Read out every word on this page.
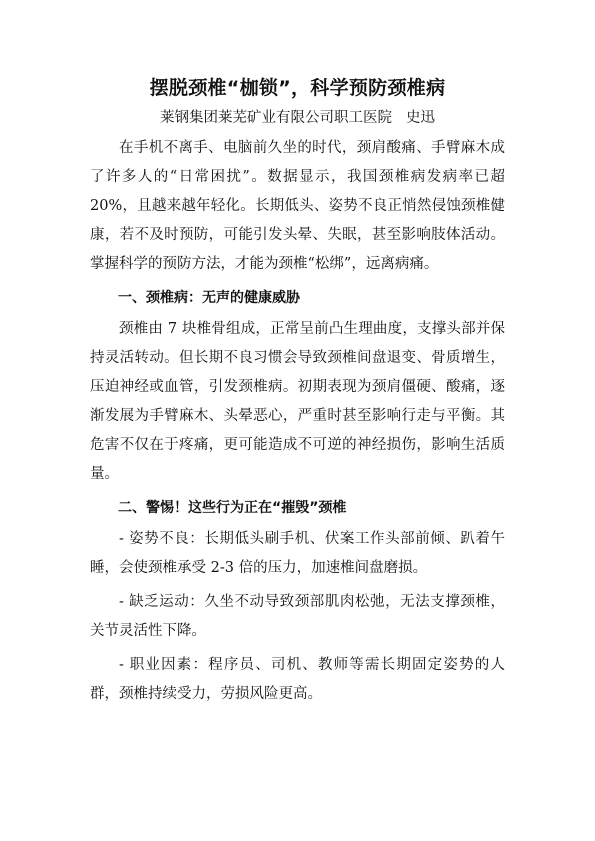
摆脱颈椎“枷锁”，科学预防颈椎病
莱钢集团莱芜矿业有限公司职工医院 史迅

在手机不离手、电脑前久坐的时代，颈肩酸痛、手臂麻木成了许多人的“日常困扰”。数据显示，我国颈椎病发病率已超20%，且越来越年轻化。长期低头、姿势不良正悄然侵蚀颈椎健康，若不及时预防，可能引发头晕、失眠，甚至影响肢体活动。掌握科学的预防方法，才能为颈椎“松绑”，远离病痛。

一、颈椎病：无声的健康威胁

颈椎由 7 块椎骨组成，正常呈前凸生理曲度，支撑头部并保持灵活转动。但长期不良习惯会导致颈椎间盘退变、骨质增生，压迫神经或血管，引发颈椎病。初期表现为颈肩僵硬、酸痛，逐渐发展为手臂麻木、头晕恶心，严重时甚至影响行走与平衡。其危害不仅在于疼痛，更可能造成不可逆的神经损伤，影响生活质量。

二、警惕！这些行为正在“摧毁”颈椎

- 姿势不良：长期低头刷手机、伏案工作头部前倾、趴着午睡，会使颈椎承受 2-3 倍的压力，加速椎间盘磨损。

- 缺乏运动：久坐不动导致颈部肌肉松弛，无法支撑颈椎，关节灵活性下降。

- 职业因素：程序员、司机、教师等需长期固定姿势的人群，颈椎持续受力，劳损风险更高。
